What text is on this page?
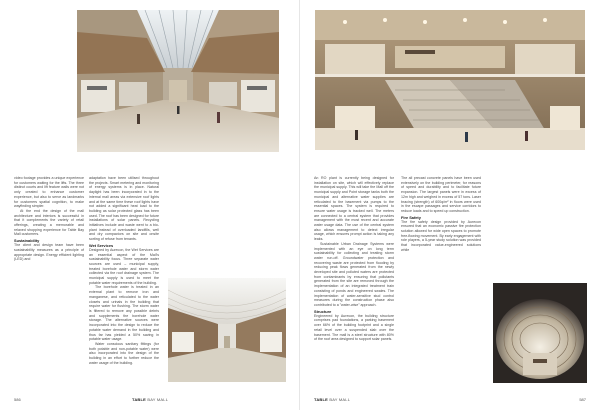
video footage provides a unique experience for customers waiting for the lifts. The three distinct courts and lift feature walls were not only created to enhance customer experience, but also to serve as landmarks for customers spatial cognition, to make wayfinding simpler.

At the end the design of the mall architecture and interiors is successful in that it complements the variety of retail offerings, creating a memorable and relaxed shopping experience for Table Bay Mall customers.

Sustainability

The client and design team have been sustainability measures as a principle of appropriate design. Energy efficient lighting (LED) and

adaptation have been utilised throughout the projects. Smart metering and monitoring of energy systems is in place. Natural daylight has been incorporated in to the internal mall areas via extensive roof lights and at the same time these roof lights have not added a significant heat load to the building as solar protected glass has been used. The roof has been designed for future installations of solar panels. Recycling initiatives include and waste went to a bio-plant instead of overloaded landfills, well and dry compactors on site and onsite sorting of refuse from tenants.

Wet Services

Designed by Aurecon, the Wet Services are an essential aspect of the Mall's sustainability focus. Three separate water sources are used – municipal supply, treated borehole water and storm water collected via the roof drainage system. The municipal supply is used to meet the potable water requirements of the building.

The borehole water is treated in an external plant to remove iron and manganese, and reticulated to the water closets and urinals in the building that require water for flushing. The storm water is filtered to remove any possible debris and supplements the borehole water storage. The alternative sources were incorporated into the design to reduce the potable water demand in the building and thus far has yielded a 50% saving in potable water usage.

Water conscious sanitary fittings (for both potable and non-potable water) were also incorporated into the design of the building in an effort to further reduce the water usage of the building.

586	TABLE BAY MALL

An RO plant is currently being designed for installation on site, which will effectively replace the municipal supply. This will take the Mall off the municipal supply and Point storage tanks both the municipal and alternative water supplies are reticulated to the basement via pumps to the essential spaces. The system is required to ensure water usage is tracked well. The meters are connected to a central system that provides management with the most recent and accurate water usage data. The use of the central system also allows management to detect irregular usage, which ensures prompt action is taking any leaks.

Sustainable Urban Drainage Systems were implemented with an eye on long term sustainability for collecting and treating storm water run-off. Groundwater protection and recovering waste are protected from flooding by reducing peak flows generated from the newly developed site and polluted waters are protected from contaminants by ensuring that pollutants generated from the site are removed through the implementation of an integrated treatment train consisting of ponds and engineered swales. The implementation of water-sensitive stud control measures during the construction phase also contributed to a "water-wise" approach.

Structure

Engineered by Aurecon, the building structure comprises pad foundations, a parking basement over 66% of the building footprint and a single retail level over a suspended slab over the basement. The mall is a steel structure with 80% of the roof area designed to support solar panels.

The all precast concrete panels have been used extensively on the building perimeter, for reasons of speed and durability and to facilitate future expansion. The largest panels were in excess of 12m high and weighed in excess of 57 tons. Laser bracing (strength) of 600q/m² in floors were used in the escape passages and service corridors to reduce loads and to speed up construction.

Fire Safety

The fire safety design provided by Aurecon ensured that an economic passive fire protection solution allowed for wide open spaces to promote free-flowing movement. By early engagement with role players, a 5-year study solution was provided that incorporated value-engineered solutions while

TABLE BAY MALL	587
